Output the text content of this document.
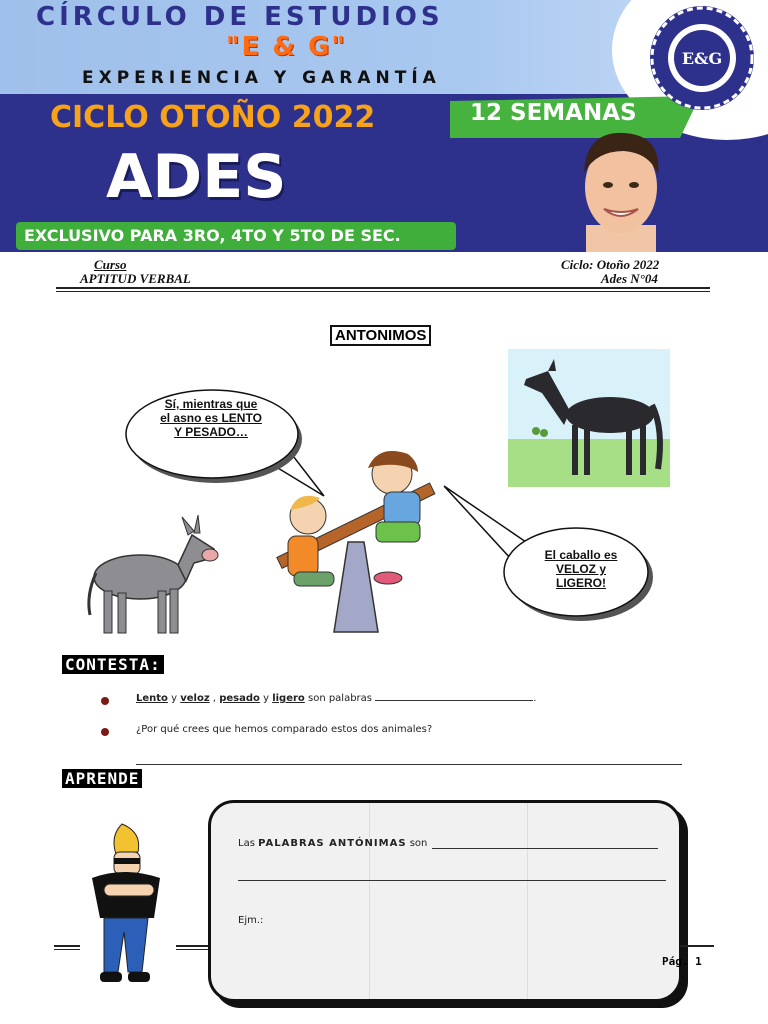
CÍRCULO DE ESTUDIOS
"E & G"
EXPERIENCIA Y GARANTÍA
CICLO OTOÑO 2022
ADES
12 SEMANAS
EXCLUSIVO PARA 3RO, 4TO Y 5TO DE SEC.
E&G
Curso
APTITUD VERBAL
Ciclo: Otoño 2022
Ades N°04
ANTONIMOS
Sí, mientras que
el asno es LENTO
Y PESADO…
El caballo es
VELOZ y
LIGERO!
CONTESTA:
Lento y veloz , pesado y ligero son palabras	.
¿Por qué crees que hemos comparado estos dos animales?
APRENDE
Las PALABRAS ANTÓNIMAS son
Ejm.:
Pág. 1
